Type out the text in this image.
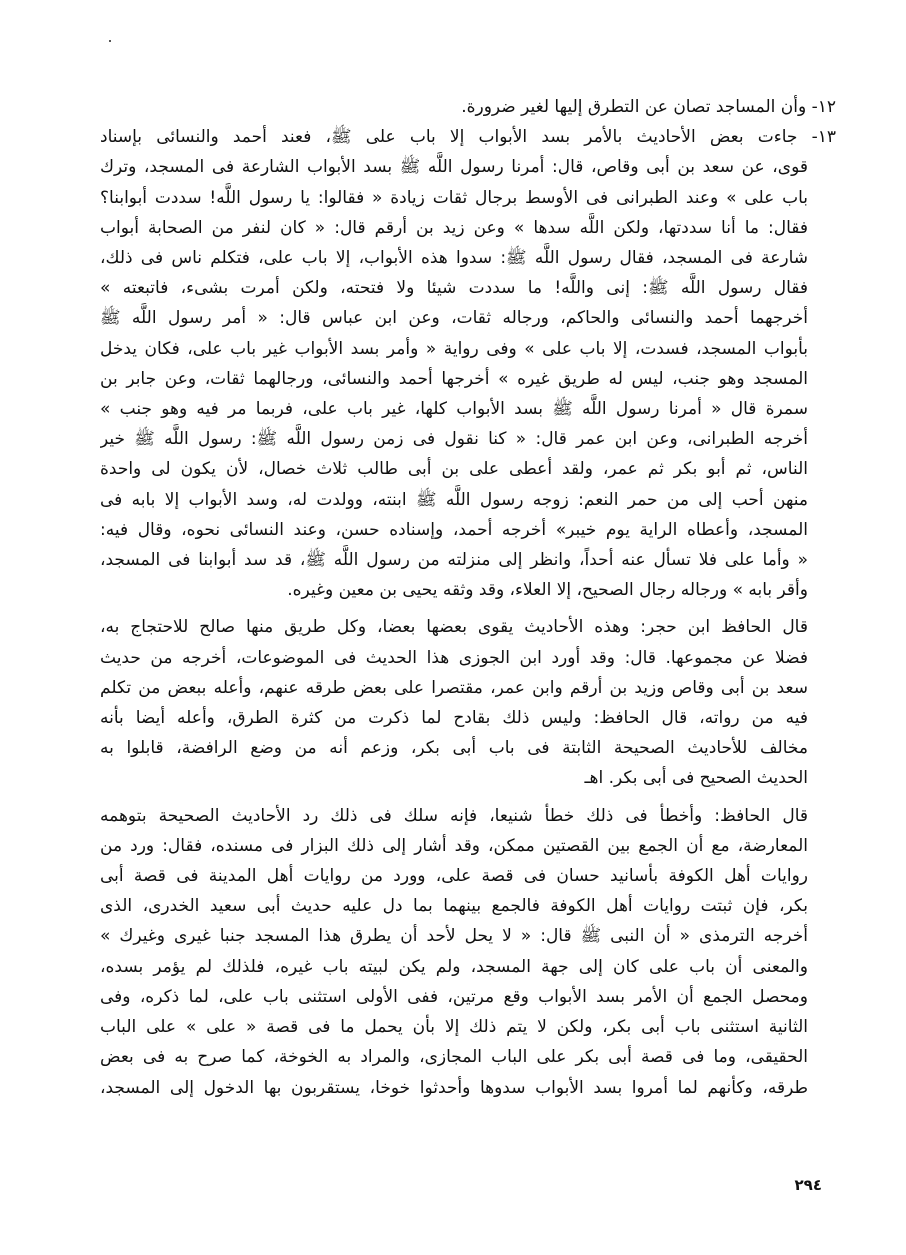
١٢- وأن المساجد تصان عن التطرق إليها لغير ضرورة.

١٣- جاءت بعض الأحاديث بالأمر بسد الأبواب إلا باب على ﷺ، فعند أحمد والنسائى بإسناد
قوى، عن سعد بن أبى وقاص، قال: أمرنا رسول اللَّه ﷺ بسد الأبواب الشارعة فى المسجد، وترك
باب على » وعند الطبرانى فى الأوسط برجال ثقات زيادة « فقالوا: يا رسول اللَّه! سددت أبوابنا؟
فقال: ما أنا سددتها، ولكن اللَّه سدها » وعن زيد بن أرقم قال: « كان لنفر من الصحابة أبواب
شارعة فى المسجد، فقال رسول اللَّه ﷺ: سدوا هذه الأبواب، إلا باب على، فتكلم ناس فى ذلك،
فقال رسول اللَّه ﷺ: إنى واللَّه! ما سددت شيئا ولا فتحته، ولكن أمرت بشىء، فاتبعته »
أخرجهما أحمد والنسائى والحاكم، ورجاله ثقات، وعن ابن عباس قال: « أمر رسول اللَّه ﷺ
بأبواب المسجد، فسدت، إلا باب على » وفى رواية « وأمر بسد الأبواب غير باب على، فكان يدخل
المسجد وهو جنب، ليس له طريق غيره » أخرجها أحمد والنسائى، ورجالهما ثقات، وعن جابر بن
سمرة قال « أمرنا رسول اللَّه ﷺ بسد الأبواب كلها، غير باب على، فربما مر فيه وهو جنب »
أخرجه الطبرانى، وعن ابن عمر قال: « كنا نقول فى زمن رسول اللَّه ﷺ: رسول اللَّه ﷺ خير
الناس، ثم أبو بكر ثم عمر، ولقد أعطى على بن أبى طالب ثلاث خصال، لأن يكون لى واحدة
منهن أحب إلى من حمر النعم: زوجه رسول اللَّه ﷺ ابنته، وولدت له، وسد الأبواب إلا بابه فى
المسجد، وأعطاه الراية يوم خيبر» أخرجه أحمد، وإسناده حسن، وعند النسائى نحوه، وقال فيه:
« وأما على فلا تسأل عنه أحداً، وانظر إلى منزلته من رسول اللَّه ﷺ، قد سد أبوابنا فى المسجد،
وأقر بابه » ورجاله رجال الصحيح، إلا العلاء، وقد وثقه يحيى بن معين وغيره.

قال الحافظ ابن حجر: وهذه الأحاديث يقوى بعضها بعضا، وكل طريق منها صالح للاحتجاج به،
فضلا عن مجموعها. قال: وقد أورد ابن الجوزى هذا الحديث فى الموضوعات، أخرجه من حديث
سعد بن أبى وقاص وزيد بن أرقم وابن عمر، مقتصرا على بعض طرقه عنهم، وأعله ببعض من تكلم
فيه من رواته، قال الحافظ: وليس ذلك بقادح لما ذكرت من كثرة الطرق، وأعله أيضا بأنه
مخالف للأحاديث الصحيحة الثابتة فى باب أبى بكر، وزعم أنه من وضع الرافضة، قابلوا به
الحديث الصحيح فى أبى بكر. اهـ

قال الحافظ: وأخطأ فى ذلك خطأ شنيعا، فإنه سلك فى ذلك رد الأحاديث الصحيحة بتوهمه
المعارضة، مع أن الجمع بين القصتين ممكن، وقد أشار إلى ذلك البزار فى مسنده، فقال: ورد من
روايات أهل الكوفة بأسانيد حسان فى قصة على، وورد من روايات أهل المدينة فى قصة أبى
بكر، فإن ثبتت روايات أهل الكوفة فالجمع بينهما بما دل عليه حديث أبى سعيد الخدرى، الذى
أخرجه الترمذى « أن النبى ﷺ قال: « لا يحل لأحد أن يطرق هذا المسجد جنبا غيرى وغيرك »
والمعنى أن باب على كان إلى جهة المسجد، ولم يكن لبيته باب غيره، فلذلك لم يؤمر بسده،
ومحصل الجمع أن الأمر بسد الأبواب وقع مرتين، ففى الأولى استثنى باب على، لما ذكره، وفى
الثانية استثنى باب أبى بكر، ولكن لا يتم ذلك إلا بأن يحمل ما فى قصة « على » على الباب
الحقيقى، وما فى قصة أبى بكر على الباب المجازى، والمراد به الخوخة، كما صرح به فى بعض
طرقه، وكأنهم لما أمروا بسد الأبواب سدوها وأحدثوا خوخا، يستقربون بها الدخول إلى المسجد،

٢٩٤
